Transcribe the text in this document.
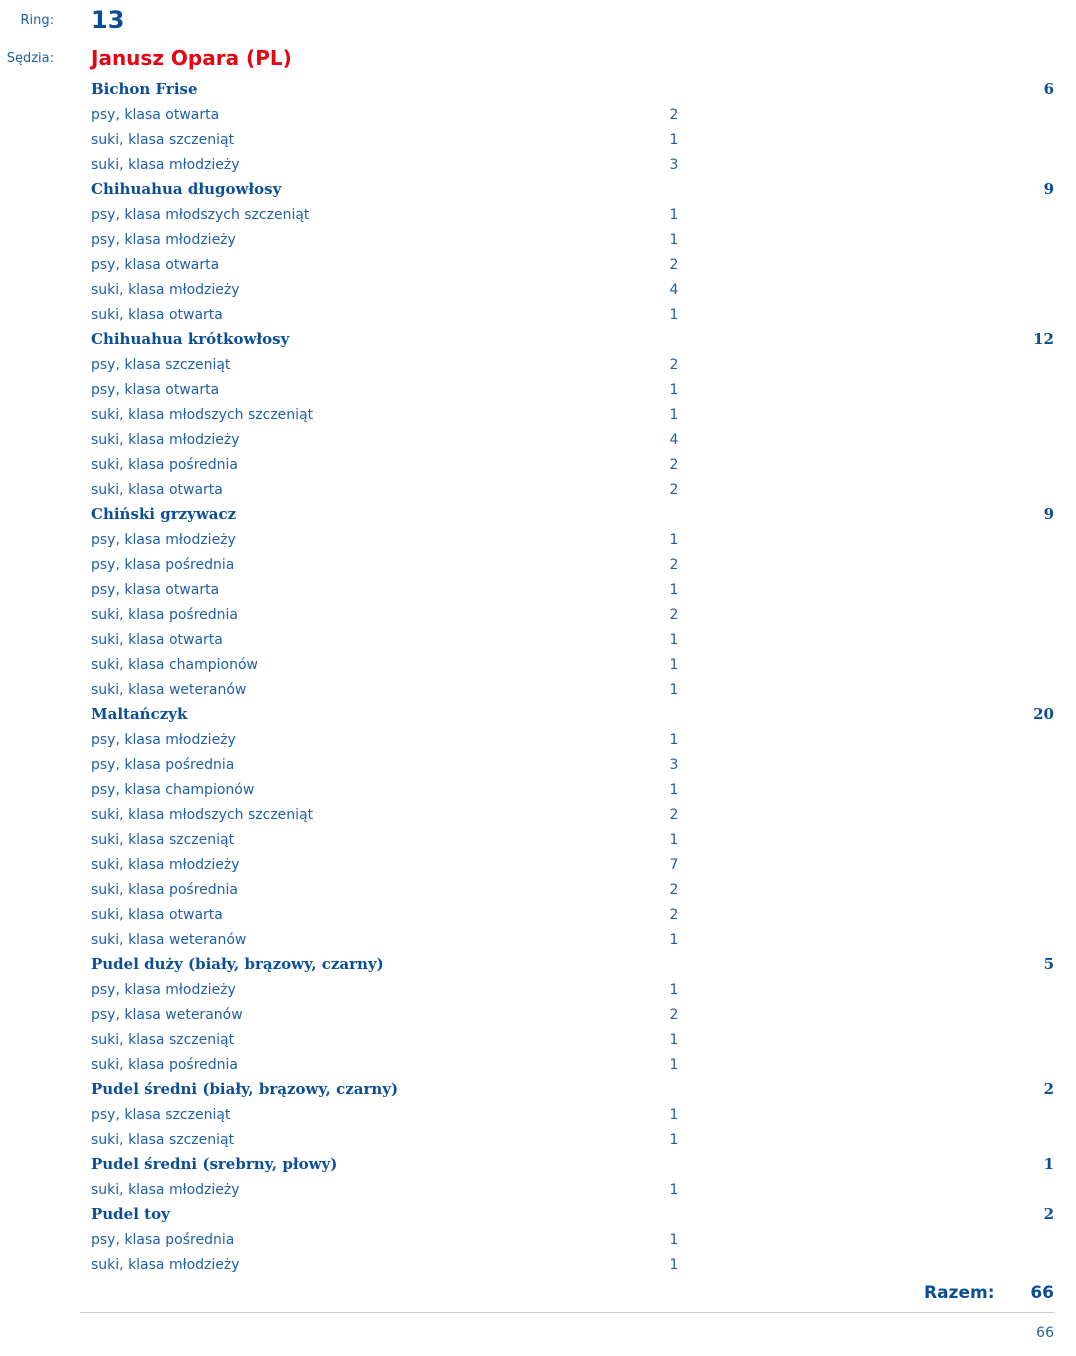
Ring: 13
Sędzia: Janusz Opara (PL)
Bichon Frise	6
psy, klasa otwarta	2
suki, klasa szczeniąt	1
suki, klasa młodzieży	3
Chihuahua długowłosy	9
psy, klasa młodszych szczeniąt	1
psy, klasa młodzieży	1
psy, klasa otwarta	2
suki, klasa młodzieży	4
suki, klasa otwarta	1
Chihuahua krótkowłosy	12
psy, klasa szczeniąt	2
psy, klasa otwarta	1
suki, klasa młodszych szczeniąt	1
suki, klasa młodzieży	4
suki, klasa pośrednia	2
suki, klasa otwarta	2
Chiński grzywacz	9
psy, klasa młodzieży	1
psy, klasa pośrednia	2
psy, klasa otwarta	1
suki, klasa pośrednia	2
suki, klasa otwarta	1
suki, klasa championów	1
suki, klasa weteranów	1
Maltańczyk	20
psy, klasa młodzieży	1
psy, klasa pośrednia	3
psy, klasa championów	1
suki, klasa młodszych szczeniąt	2
suki, klasa szczeniąt	1
suki, klasa młodzieży	7
suki, klasa pośrednia	2
suki, klasa otwarta	2
suki, klasa weteranów	1
Pudel duży (biały, brązowy, czarny)	5
psy, klasa młodzieży	1
psy, klasa weteranów	2
suki, klasa szczeniąt	1
suki, klasa pośrednia	1
Pudel średni (biały, brązowy, czarny)	2
psy, klasa szczeniąt	1
suki, klasa szczeniąt	1
Pudel średni (srebrny, płowy)	1
suki, klasa młodzieży	1
Pudel toy	2
psy, klasa pośrednia	1
suki, klasa młodzieży	1
Razem: 66
66
